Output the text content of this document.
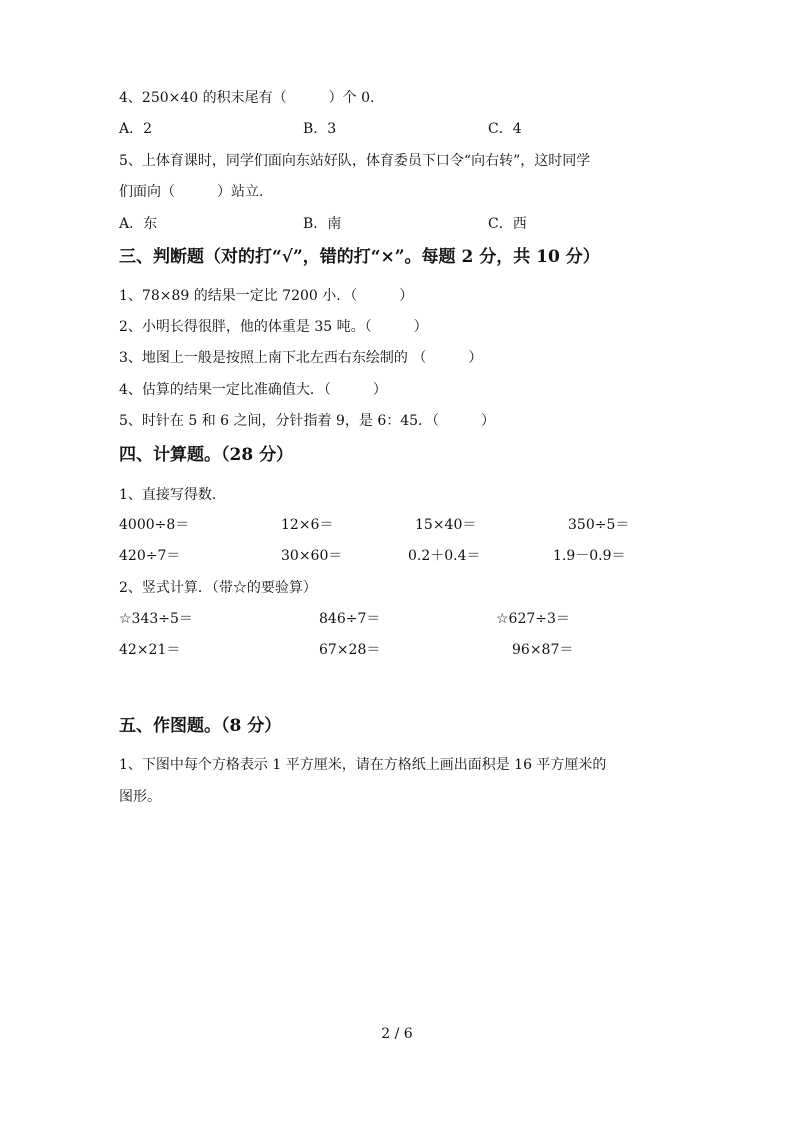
4、250×40 的积末尾有（　　　）个 0.
A．2	B．3	C．4
5、上体育课时，同学们面向东站好队，体育委员下口令“向右转”，这时同学
们面向（　　　）站立.
A．东	B．南	C．西
三、判断题（对的打“√”，错的打“×”。每题 2 分，共 10 分）
1、78×89 的结果一定比 7200 小．（　　　）
2、小明长得很胖，他的体重是 35 吨。（　　　）
3、地图上一般是按照上南下北左西右东绘制的 （　　　）
4、估算的结果一定比准确值大．（　　　）
5、时针在 5 和 6 之间，分针指着 9，是 6：45．（　　　）
四、计算题。（28 分）
1、直接写得数.
4000÷8＝	12×6＝	15×40＝	350÷5＝
420÷7＝	30×60＝	0.2＋0.4＝	1.9－0.9＝
2、竖式计算．（带☆的要验算）
☆343÷5＝	846÷7＝	☆627÷3＝
42×21＝	67×28＝	96×87＝
五、作图题。（8 分）
1、下图中每个方格表示 1 平方厘米，请在方格纸上画出面积是 16 平方厘米的
图形。
2 / 6
